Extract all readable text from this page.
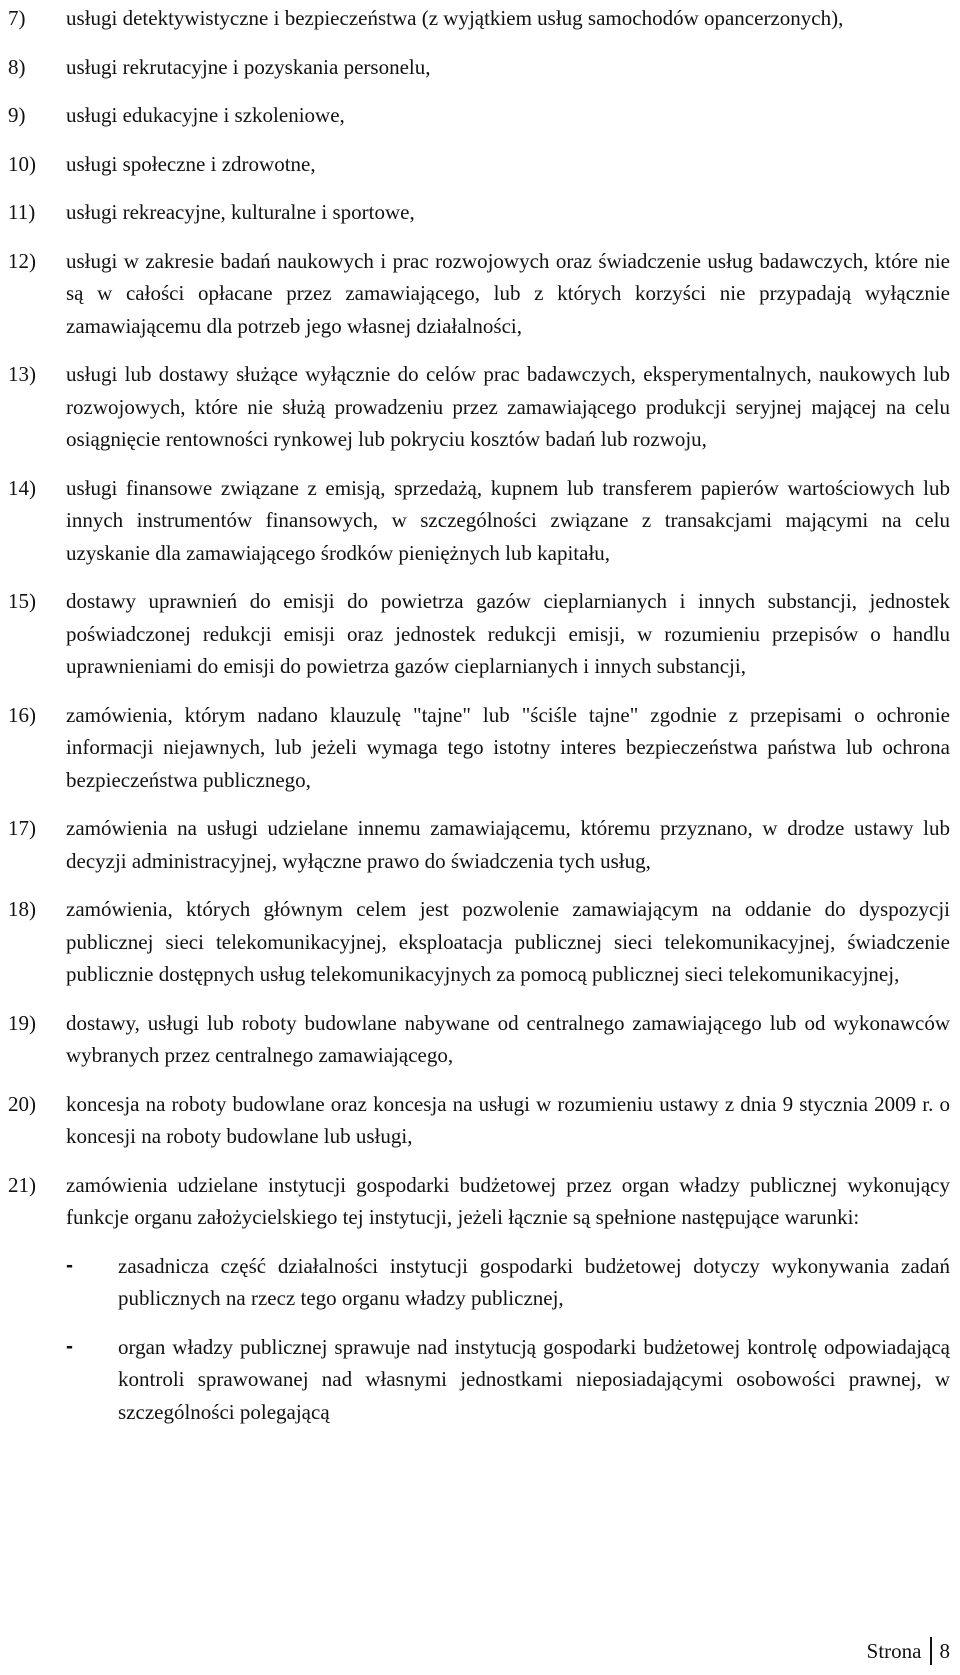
7)	usługi detektywistyczne i bezpieczeństwa (z wyjątkiem usług samochodów opancerzonych),
8)	usługi rekrutacyjne i pozyskania personelu,
9)	usługi edukacyjne i szkoleniowe,
10)	usługi społeczne i zdrowotne,
11)	usługi rekreacyjne, kulturalne i sportowe,
12)	usługi w zakresie badań naukowych i prac rozwojowych oraz świadczenie usług badawczych, które nie są w całości opłacane przez zamawiającego, lub z których korzyści nie przypadają wyłącznie zamawiającemu dla potrzeb jego własnej działalności,
13)	usługi lub dostawy służące wyłącznie do celów prac badawczych, eksperymentalnych, naukowych lub rozwojowych, które nie służą prowadzeniu przez zamawiającego produkcji seryjnej mającej na celu osiągnięcie rentowności rynkowej lub pokryciu kosztów badań lub rozwoju,
14)	usługi finansowe związane z emisją, sprzedażą, kupnem lub transferem papierów wartościowych lub innych instrumentów finansowych, w szczególności związane z transakcjami mającymi na celu uzyskanie dla zamawiającego środków pieniężnych lub kapitału,
15)	dostawy uprawnień do emisji do powietrza gazów cieplarnianych i innych substancji, jednostek poświadczonej redukcji emisji oraz jednostek redukcji emisji, w rozumieniu przepisów o handlu uprawnieniami do emisji do powietrza gazów cieplarnianych i innych substancji,
16)	zamówienia, którym nadano klauzulę "tajne" lub "ściśle tajne" zgodnie z przepisami o ochronie informacji niejawnych, lub jeżeli wymaga tego istotny interes bezpieczeństwa państwa lub ochrona bezpieczeństwa publicznego,
17)	zamówienia na usługi udzielane innemu zamawiającemu, któremu przyznano, w drodze ustawy lub decyzji administracyjnej, wyłączne prawo do świadczenia tych usług,
18)	zamówienia, których głównym celem jest pozwolenie zamawiającym na oddanie do dyspozycji publicznej sieci telekomunikacyjnej, eksploatacja publicznej sieci telekomunikacyjnej, świadczenie publicznie dostępnych usług telekomunikacyjnych za pomocą publicznej sieci telekomunikacyjnej,
19)	dostawy, usługi lub roboty budowlane nabywane od centralnego zamawiającego lub od wykonawców wybranych przez centralnego zamawiającego,
20)	koncesja na roboty budowlane oraz koncesja na usługi w rozumieniu ustawy z dnia 9 stycznia 2009 r. o koncesji na roboty budowlane lub usługi,
21)	zamówienia udzielane instytucji gospodarki budżetowej przez organ władzy publicznej wykonujący funkcje organu założycielskiego tej instytucji, jeżeli łącznie są spełnione następujące warunki:
-	zasadnicza część działalności instytucji gospodarki budżetowej dotyczy wykonywania zadań publicznych na rzecz tego organu władzy publicznej,
-	organ władzy publicznej sprawuje nad instytucją gospodarki budżetowej kontrolę odpowiadającą kontroli sprawowanej nad własnymi jednostkami nieposiadającymi osobowości prawnej, w szczególności polegającą
Strona 8
